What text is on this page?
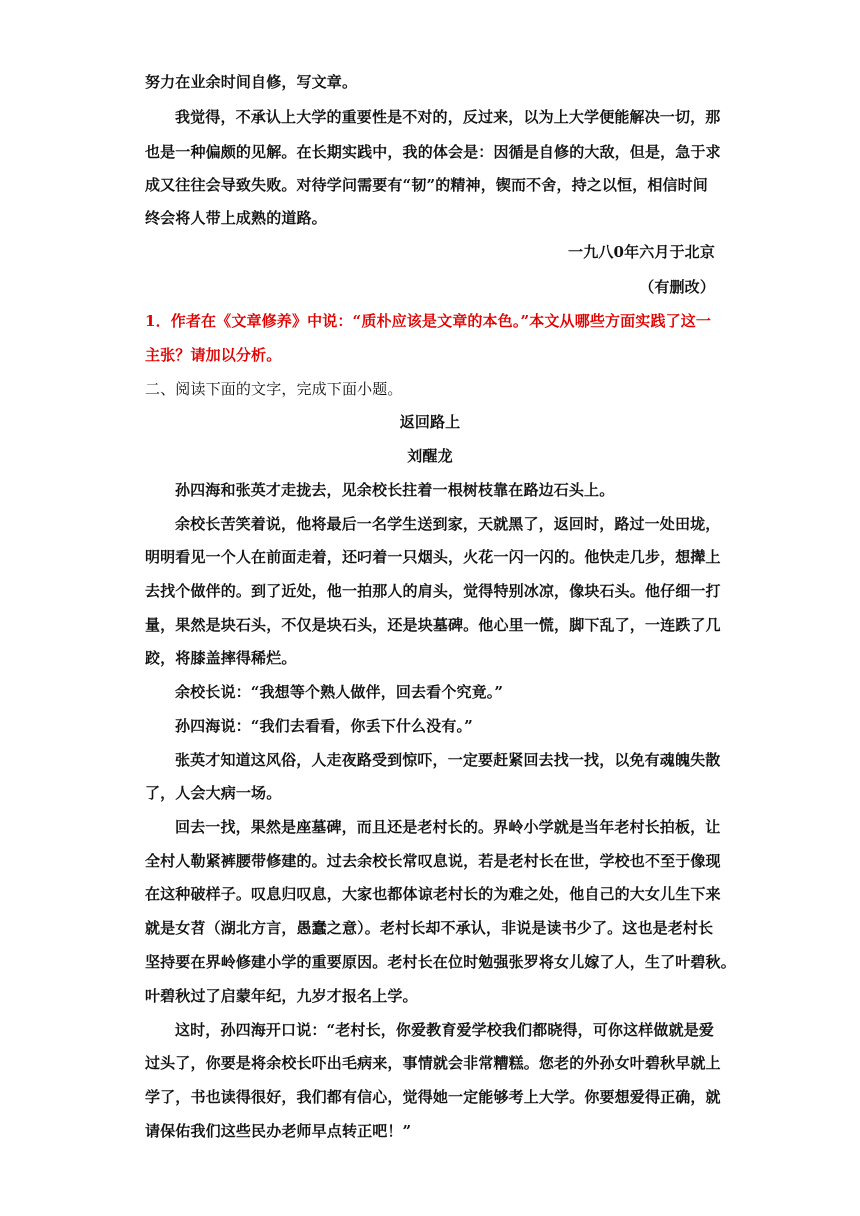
努力在业余时间自修，写文章。
我觉得，不承认上大学的重要性是不对的，反过来，以为上大学便能解决一切，那
也是一种偏颇的见解。在长期实践中，我的体会是：因循是自修的大敌，但是，急于求
成又往往会导致失败。对待学问需要有“韧”的精神，锲而不舍，持之以恒，相信时间
终会将人带上成熟的道路。
一九八0年六月于北京
（有删改）
1．作者在《文章修养》中说：“质朴应该是文章的本色。”本文从哪些方面实践了这一
主张？请加以分析。
二、阅读下面的文字，完成下面小题。
返回路上
刘醒龙
孙四海和张英才走拢去，见余校长拄着一根树枝靠在路边石头上。
余校长苦笑着说，他将最后一名学生送到家，天就黑了，返回时，路过一处田垅，
明明看见一个人在前面走着，还叼着一只烟头，火花一闪一闪的。他快走几步，想撵上
去找个做伴的。到了近处，他一拍那人的肩头，觉得特别冰凉，像块石头。他仔细一打
量，果然是块石头，不仅是块石头，还是块墓碑。他心里一慌，脚下乱了，一连跌了几
跤，将膝盖摔得稀烂。
余校长说：“我想等个熟人做伴，回去看个究竟。”
孙四海说：“我们去看看，你丢下什么没有。”
张英才知道这风俗，人走夜路受到惊吓，一定要赶紧回去找一找，以免有魂魄失散
了，人会大病一场。
回去一找，果然是座墓碑，而且还是老村长的。界岭小学就是当年老村长拍板，让
全村人勒紧裤腰带修建的。过去余校长常叹息说，若是老村长在世，学校也不至于像现
在这种破样子。叹息归叹息，大家也都体谅老村长的为难之处，他自己的大女儿生下来
就是女苕（湖北方言，愚蠢之意）。老村长却不承认，非说是读书少了。这也是老村长
坚持要在界岭修建小学的重要原因。老村长在位时勉强张罗将女儿嫁了人，生了叶碧秋。
叶碧秋过了启蒙年纪，九岁才报名上学。
这时，孙四海开口说：“老村长，你爱教育爱学校我们都晓得，可你这样做就是爱
过头了，你要是将余校长吓出毛病来，事情就会非常糟糕。您老的外孙女叶碧秋早就上
学了，书也读得很好，我们都有信心，觉得她一定能够考上大学。你要想爱得正确，就
请保佑我们这些民办老师早点转正吧！”
